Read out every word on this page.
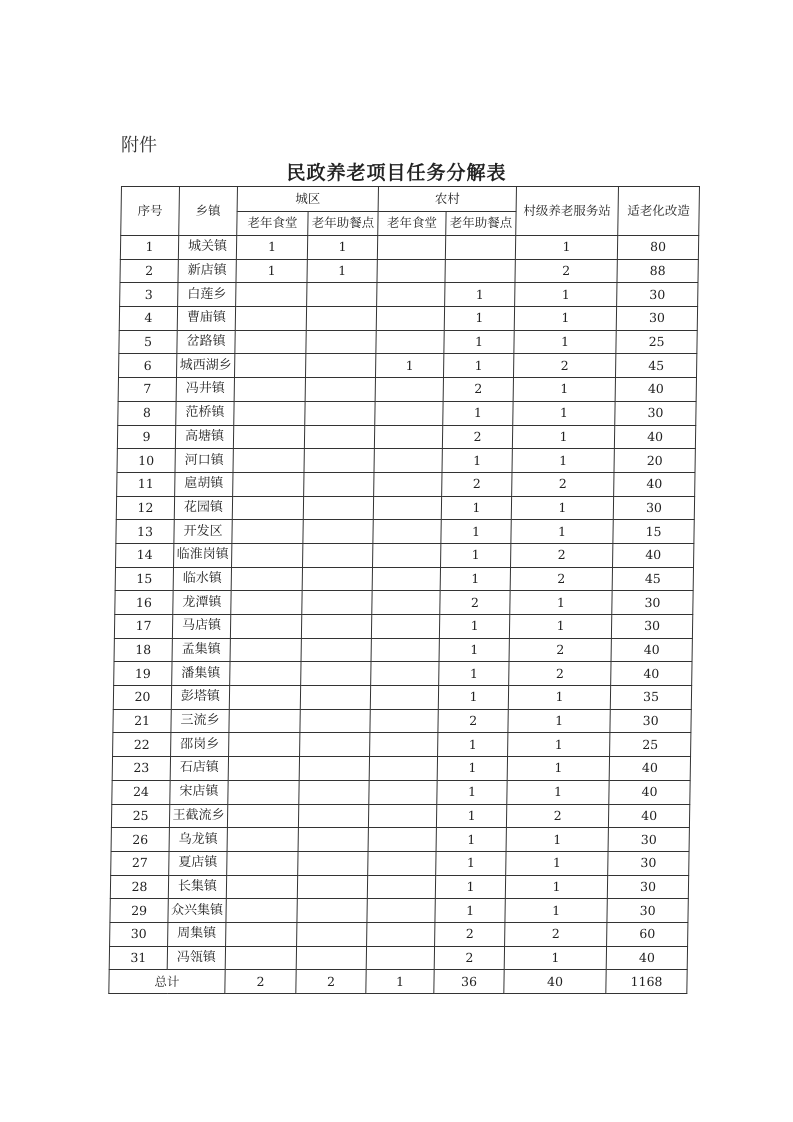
附件
民政养老项目任务分解表
序号	乡镇	城区		农村		村级养老服务站	适老化改造
		老年食堂	老年助餐点	老年食堂	老年助餐点		
1	城关镇	1	1			1	80
2	新店镇	1	1			2	88
3	白莲乡				1	1	30
4	曹庙镇				1	1	30
5	岔路镇				1	1	25
6	城西湖乡			1	1	2	45
7	冯井镇				2	1	40
8	范桥镇				1	1	30
9	高塘镇				2	1	40
10	河口镇				1	1	20
11	扈胡镇				2	2	40
12	花园镇				1	1	30
13	开发区				1	1	15
14	临淮岗镇				1	2	40
15	临水镇				1	2	45
16	龙潭镇				2	1	30
17	马店镇				1	1	30
18	孟集镇				1	2	40
19	潘集镇				1	2	40
20	彭塔镇				1	1	35
21	三流乡				2	1	30
22	邵岗乡				1	1	25
23	石店镇				1	1	40
24	宋店镇				1	1	40
25	王截流乡				1	2	40
26	乌龙镇				1	1	30
27	夏店镇				1	1	30
28	长集镇				1	1	30
29	众兴集镇				1	1	30
30	周集镇				2	2	60
31	冯瓴镇				2	1	40
总计		2	2	1	36	40	1168
